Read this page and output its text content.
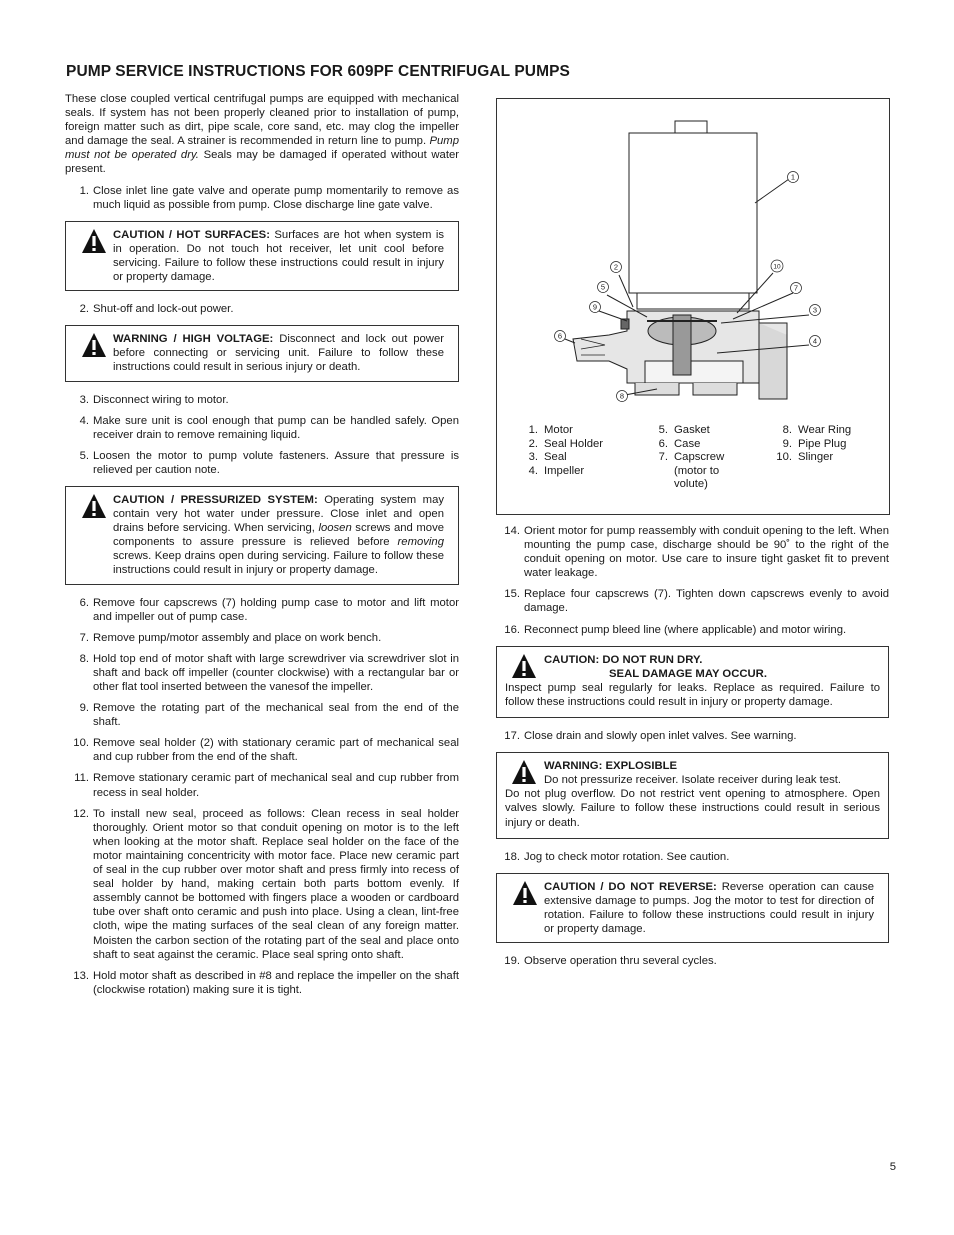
PUMP SERVICE INSTRUCTIONS FOR 609PF CENTRIFUGAL PUMPS

These close coupled vertical centrifugal pumps are equipped with mechanical seals. If system has not been properly cleaned prior to installation of pump, foreign matter such as dirt, pipe scale, core sand, etc. may clog the impeller and damage the seal. A strainer is recommended in return line to pump. Pump must not be operated dry. Seals may be damaged if operated without water present.

1. Close inlet line gate valve and operate pump momentarily to remove as much liquid as possible from pump. Close discharge line gate valve.

CAUTION / HOT SURFACES: Surfaces are hot when system is in operation. Do not touch hot receiver, let unit cool before servicing. Failure to follow these instructions could result in injury or property damage.

2. Shut-off and lock-out power.

WARNING / HIGH VOLTAGE: Disconnect and lock out power before connecting or servicing unit. Failure to follow these instructions could result in serious injury or death.

3. Disconnect wiring to motor.
4. Make sure unit is cool enough that pump can be handled safely. Open receiver drain to remove remaining liquid.
5. Loosen the motor to pump volute fasteners. Assure that pressure is relieved per caution note.

CAUTION / PRESSURIZED SYSTEM: Operating system may contain very hot water under pressure. Close inlet and open drains before servicing. When servicing, loosen screws and move components to assure pressure is relieved before removing screws. Keep drains open during servicing. Failure to follow these instructions could result in injury or property damage.

6. Remove four capscrews (7) holding pump case to motor and lift motor and impeller out of pump case.
7. Remove pump/motor assembly and place on work bench.
8. Hold top end of motor shaft with large screwdriver via screwdriver slot in shaft and back off impeller (counter clockwise) with a rectangular bar or other flat tool inserted between the vanesof the impeller.
9. Remove the rotating part of the mechanical seal from the end of the shaft.
10. Remove seal holder (2) with stationary ceramic part of mechanical seal and cup rubber from the end of the shaft.
11. Remove stationary ceramic part of mechanical seal and cup rubber from recess in seal holder.
12. To install new seal, proceed as follows: Clean recess in seal holder thoroughly. Orient motor so that conduit opening on motor is to the left when looking at the motor shaft. Replace seal holder on the face of the motor maintaining concentricity with motor face. Place new ceramic part of seal in the cup rubber over motor shaft and press firmly into recess of seal holder by hand, making certain both parts bottom evenly. If assembly cannot be bottomed with fingers place a wooden or cardboard tube over shaft onto ceramic and push into place. Using a clean, lint-free cloth, wipe the mating surfaces of the seal clean of any foreign matter. Moisten the carbon section of the rotating part of the seal and place onto shaft to seat against the ceramic. Place seal spring onto shaft.
13. Hold motor shaft as described in #8 and replace the impeller on the shaft (clockwise rotation) making sure it is tight.
1
2
3
4
5
6
7
8
9
10
1. Motor
2. Seal Holder
3. Seal
4. Impeller
5. Gasket
6. Case
7. Capscrew
(motor to
volute)
8. Wear Ring
9. Pipe Plug
10. Slinger
14. Orient motor for pump reassembly with conduit opening to the left. When mounting the pump case, discharge should be 90˚ to the right of the conduit opening on motor. Use care to insure tight gasket fit to prevent water leakage.
15. Replace four capscrews (7). Tighten down capscrews evenly to avoid damage.
16. Reconnect pump bleed line (where applicable) and motor wiring.

CAUTION: DO NOT RUN DRY.

SEAL DAMAGE MAY OCCUR.

Inspect pump seal regularly for leaks. Replace as required. Failure to follow these instructions could result in injury or property damage.

17. Close drain and slowly open inlet valves. See warning.

WARNING: EXPLOSIBLE

Do not pressurize receiver. Isolate receiver during leak test.

Do not plug overflow. Do not restrict vent opening to atmosphere. Open valves slowly. Failure to follow these instructions could result in serious injury or death.

18. Jog to check motor rotation. See caution.

CAUTION / DO NOT REVERSE: Reverse operation can cause extensive damage to pumps. Jog the motor to test for direction of rotation. Failure to follow these instructions could result in injury or property damage.

19. Observe operation thru several cycles.
5
